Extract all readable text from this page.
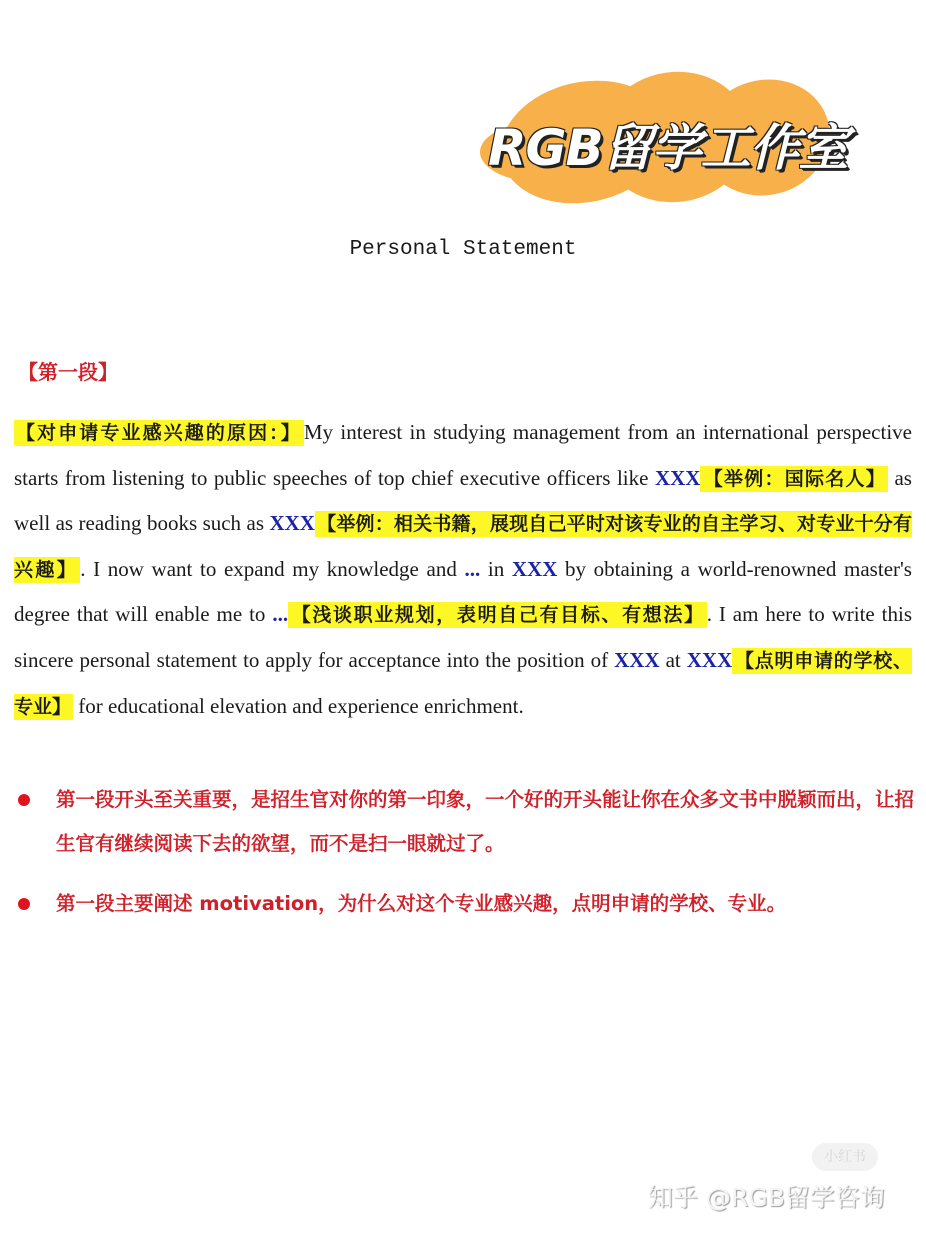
RGB留学工作室
Personal Statement
【第一段】
【对申请专业感兴趣的原因：】My interest in studying management from an international perspective starts from listening to public speeches of top chief executive officers like XXX 【举例：国际名人】 as well as reading books such as XXX 【举例：相关书籍，展现自己平时对该专业的自主学习、对专业十分有兴趣】. I now want to expand my knowledge and ... in XXX by obtaining a world-renowned master's degree that will enable me to ... 【浅谈职业规划，表明自己有目标、有想法】. I am here to write this sincere personal statement to apply for acceptance into the position of XXX at XXX 【点明申请的学校、专业】 for educational elevation and experience enrichment.
第一段开头至关重要，是招生官对你的第一印象，一个好的开头能让你在众多文书中脱颖而出，让招生官有继续阅读下去的欲望，而不是扫一眼就过了。
第一段主要阐述 motivation，为什么对这个专业感兴趣，点明申请的学校、专业。
小红书
知乎 @RGB留学咨询
